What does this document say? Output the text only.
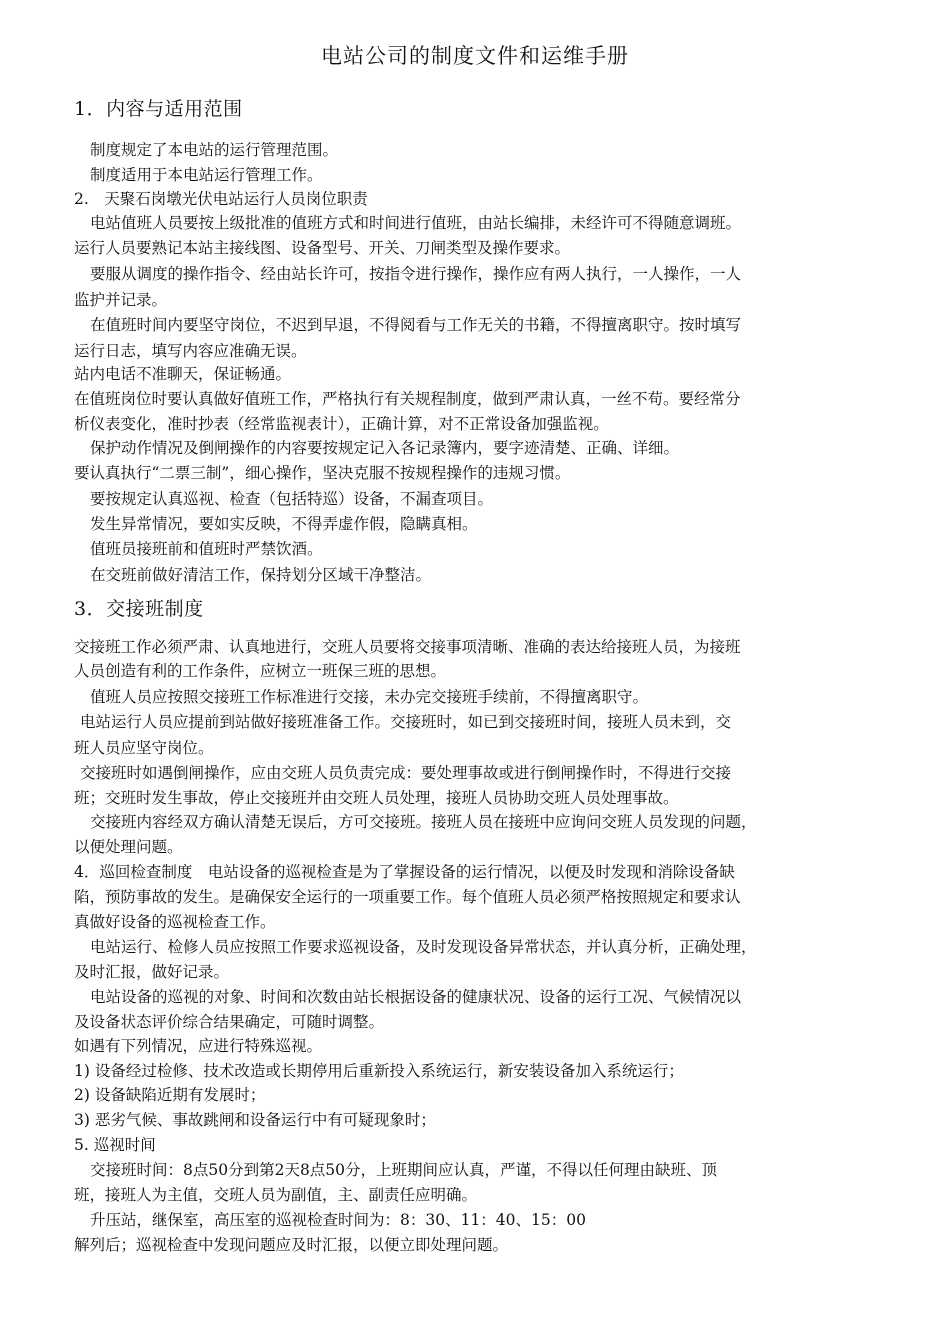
电站公司的制度文件和运维手册
1．内容与适用范围
制度规定了本电站的运行管理范围。
制度适用于本电站运行管理工作。
2.　天聚石岗墩光伏电站运行人员岗位职责
电站值班人员要按上级批准的值班方式和时间进行值班，由站长编排，未经许可不得随意调班。
运行人员要熟记本站主接线图、设备型号、开关、刀闸类型及操作要求。
要服从调度的操作指令、经由站长许可，按指令进行操作，操作应有两人执行，一人操作，一人
监护并记录。
在值班时间内要坚守岗位，不迟到早退，不得阅看与工作无关的书籍，不得擅离职守。按时填写
运行日志，填写内容应准确无误。
站内电话不准聊天，保证畅通。
在值班岗位时要认真做好值班工作，严格执行有关规程制度，做到严肃认真，一丝不苟。要经常分
析仪表变化，准时抄表（经常监视表计），正确计算，对不正常设备加强监视。
保护动作情况及倒闸操作的内容要按规定记入各记录簿内，要字迹清楚、正确、详细。
要认真执行“二票三制”，细心操作，坚决克服不按规程操作的违规习惯。
要按规定认真巡视、检查（包括特巡）设备，不漏查项目。
发生异常情况，要如实反映，不得弄虚作假，隐瞒真相。
值班员接班前和值班时严禁饮酒。
在交班前做好清洁工作，保持划分区域干净整洁。
3．交接班制度
交接班工作必须严肃、认真地进行，交班人员要将交接事项清晰、准确的表达给接班人员，为接班
人员创造有利的工作条件，应树立一班保三班的思想。
值班人员应按照交接班工作标准进行交接，未办完交接班手续前，不得擅离职守。
电站运行人员应提前到站做好接班准备工作。交接班时，如已到交接班时间，接班人员未到，交
班人员应坚守岗位。
交接班时如遇倒闸操作，应由交班人员负责完成：要处理事故或进行倒闸操作时，不得进行交接
班；交班时发生事故，停止交接班并由交班人员处理，接班人员协助交班人员处理事故。
交接班内容经双方确认清楚无误后，方可交接班。接班人员在接班中应询问交班人员发现的问题，
以便处理问题。
4．巡回检查制度　电站设备的巡视检查是为了掌握设备的运行情况，以便及时发现和消除设备缺
陷，预防事故的发生。是确保安全运行的一项重要工作。每个值班人员必须严格按照规定和要求认
真做好设备的巡视检查工作。
电站运行、检修人员应按照工作要求巡视设备，及时发现设备异常状态，并认真分析，正确处理，
及时汇报，做好记录。
电站设备的巡视的对象、时间和次数由站长根据设备的健康状况、设备的运行工况、气候情况以
及设备状态评价综合结果确定，可随时调整。
如遇有下列情况，应进行特殊巡视。
1) 设备经过检修、技术改造或长期停用后重新投入系统运行，新安装设备加入系统运行；
2) 设备缺陷近期有发展时；
3) 恶劣气候、事故跳闸和设备运行中有可疑现象时；
5. 巡视时间
交接班时间：8点50分到第2天8点50分，上班期间应认真，严谨，不得以任何理由缺班、顶
班，接班人为主值，交班人员为副值，主、副责任应明确。
升压站，继保室，高压室的巡视检查时间为：8：30、11：40、15：00
解列后；巡视检查中发现问题应及时汇报，以便立即处理问题。
